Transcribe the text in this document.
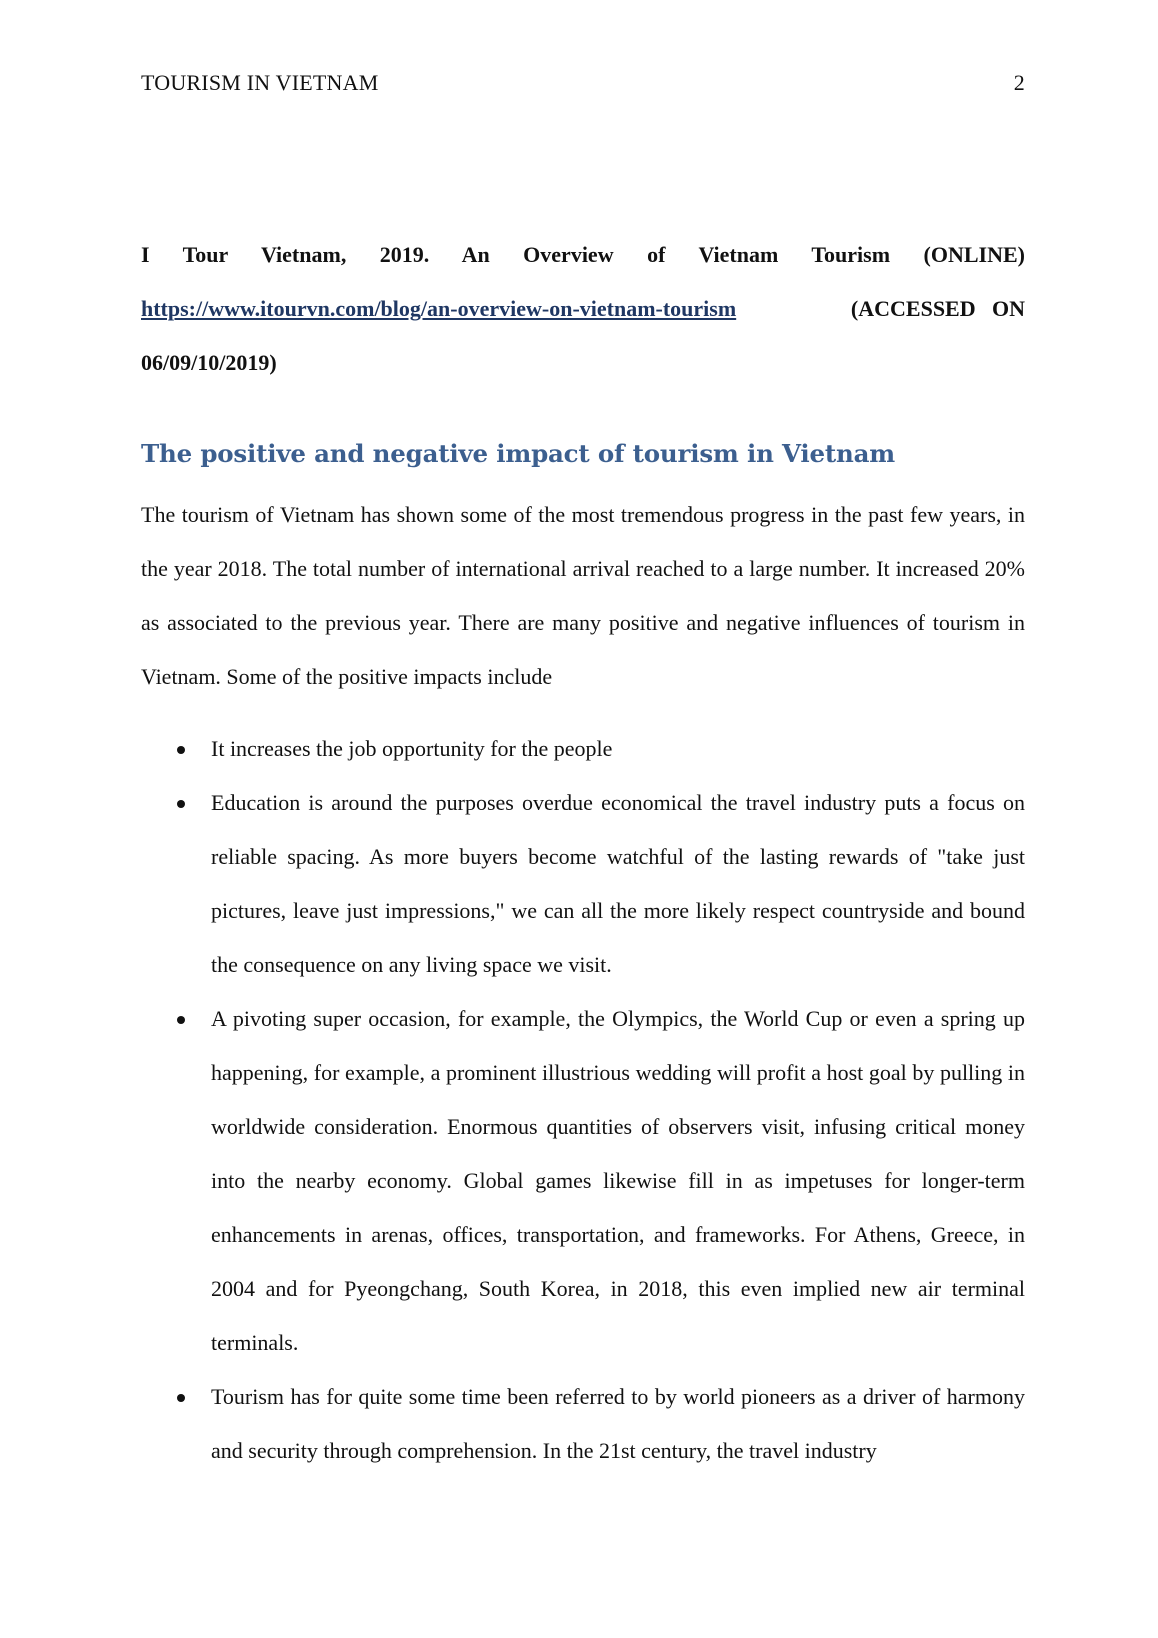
TOURISM IN VIETNAM	2
I Tour Vietnam, 2019. An Overview of Vietnam Tourism (ONLINE)
https://www.itourvn.com/blog/an-overview-on-vietnam-tourism	(ACCESSED ON
06/09/10/2019)
The positive and negative impact of tourism in Vietnam

The tourism of Vietnam has shown some of the most tremendous progress in the past few years, in the year 2018. The total number of international arrival reached to a large number. It increased 20% as associated to the previous year. There are many positive and negative influences of tourism in Vietnam. Some of the positive impacts include

It increases the job opportunity for the people
Education is around the purposes overdue economical the travel industry puts a focus on reliable spacing. As more buyers become watchful of the lasting rewards of "take just pictures, leave just impressions," we can all the more likely respect countryside and bound the consequence on any living space we visit.
A pivoting super occasion, for example, the Olympics, the World Cup or even a spring up happening, for example, a prominent illustrious wedding will profit a host goal by pulling in worldwide consideration. Enormous quantities of observers visit, infusing critical money into the nearby economy. Global games likewise fill in as impetuses for longer-term enhancements in arenas, offices, transportation, and frameworks. For Athens, Greece, in 2004 and for Pyeongchang, South Korea, in 2018, this even implied new air terminal terminals.
Tourism has for quite some time been referred to by world pioneers as a driver of harmony and security through comprehension. In the 21st century, the travel industry
